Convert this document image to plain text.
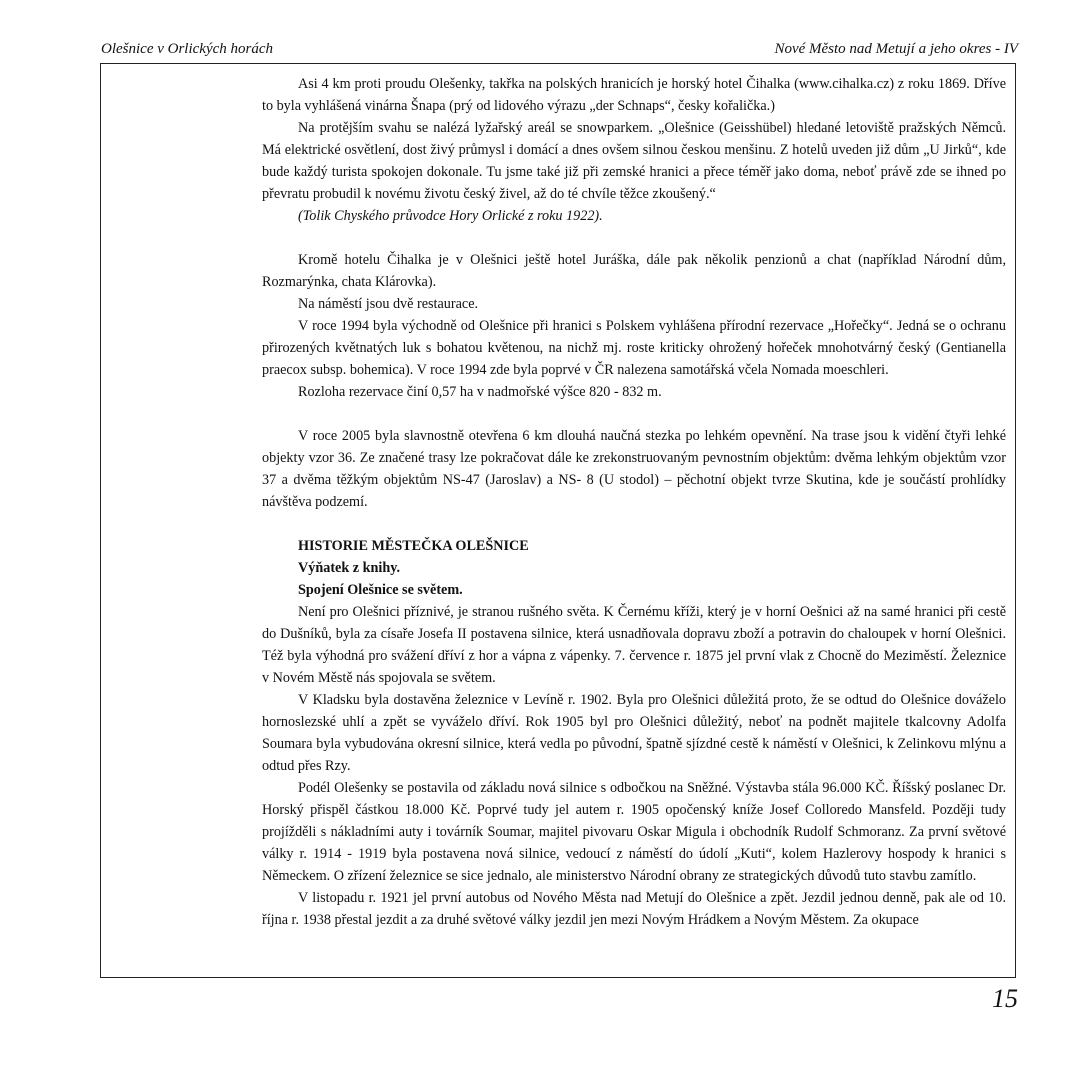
Olešnice v Orlických horách	Nové Město nad Metují a jeho okres - IV

Asi 4 km proti proudu Olešenky, takřka na polských hranicích je horský hotel Čihalka (www.cihalka.cz) z roku 1869. Dříve to byla vyhlášená vinárna Šnapa (prý od lidového výrazu „der Schnaps“, česky kořalička.)

Na protějším svahu se nalézá lyžařský areál se snowparkem. „Olešnice (Geisshübel) hledané letoviště pražských Němců. Má elektrické osvětlení, dost živý průmysl i domácí a dnes ovšem silnou českou menšinu. Z hotelů uveden již dům „U Jirků“, kde bude každý turista spokojen dokonale. Tu jsme také již při zemské hranici a přece téměř jako doma, neboť právě zde se ihned po převratu probudil k novému životu český živel, až do té chvíle těžce zkoušený.“

(Tolik Chyského průvodce Hory Orlické z roku 1922).

Kromě hotelu Čihalka je v Olešnici ještě hotel Juráška, dále pak několik penzionů a chat (například Národní dům, Rozmarýnka, chata Klárovka).

Na náměstí jsou dvě restaurace.

V roce 1994 byla východně od Olešnice při hranici s Polskem vyhlášena přírodní rezervace „Hořečky“. Jedná se o ochranu přirozených květnatých luk s bohatou květenou, na nichž mj. roste kriticky ohrožený hořeček mnohotvárný český (Gentianella praecox subsp. bohemica). V roce 1994 zde byla poprvé v ČR nalezena samotářská včela Nomada moeschleri.

Rozloha rezervace činí 0,57 ha v nadmořské výšce 820 - 832 m.

V roce 2005 byla slavnostně otevřena 6 km dlouhá naučná stezka po lehkém opevnění. Na trase jsou k vidění čtyři lehké objekty vzor 36. Ze značené trasy lze pokračovat dále ke zrekonstruovaným pevnostním objektům: dvěma lehkým objektům vzor 37 a dvěma těžkým objektům NS-47 (Jaroslav) a NS- 8 (U stodol) – pěchotní objekt tvrze Skutina, kde je součástí prohlídky návštěva podzemí.

HISTORIE MĚSTEČKA OLEŠNICE

Výňatek z knihy.

Spojení Olešnice se světem.

Není pro Olešnici příznivé, je stranou rušného světa. K Černému kříži, který je v horní Oešnici až na samé hranici při cestě do Dušníků, byla za císaře Josefa II postavena silnice, která usnadňovala dopravu zboží a potravin do chaloupek v horní Olešnici. Též byla výhodná pro svážení dříví z hor a vápna z vápenky. 7. července r. 1875 jel první vlak z Chocně do Meziměstí. Železnice v Novém Městě nás spojovala se světem.

V Kladsku byla dostavěna železnice v Levíně r. 1902. Byla pro Olešnici důležitá proto, že se odtud do Olešnice dováželo hornoslezské uhlí a zpět se vyváželo dříví. Rok 1905 byl pro Olešnici důležitý, neboť na podnět majitele tkalcovny Adolfa Soumara byla vybudována okresní silnice, která vedla po původní, špatně sjízdné cestě k náměstí v Olešnici, k Zelinkovu mlýnu a odtud přes Rzy.

Podél Olešenky se postavila od základu nová silnice s odbočkou na Sněžné. Výstavba stála 96.000 KČ. Říšský poslanec Dr. Horský přispěl částkou 18.000 Kč. Poprvé tudy jel autem r. 1905 opočenský kníže Josef Colloredo Mansfeld. Později tudy projížděli s nákladními auty i továrník Soumar, majitel pivovaru Oskar Migula i obchodník Rudolf Schmoranz. Za první světové války r. 1914 - 1919 byla postavena nová silnice, vedoucí z náměstí do údolí „Kuti“, kolem Hazlerovy hospody k hranici s Německem. O zřízení železnice se sice jednalo, ale ministerstvo Národní obrany ze strategických důvodů tuto stavbu zamítlo.

V listopadu r. 1921 jel první autobus od Nového Města nad Metují do Olešnice a zpět. Jezdil jednou denně, pak ale od 10. října r. 1938 přestal jezdit a za druhé světové války jezdil jen mezi Novým Hrádkem a Novým Městem. Za okupace

15
